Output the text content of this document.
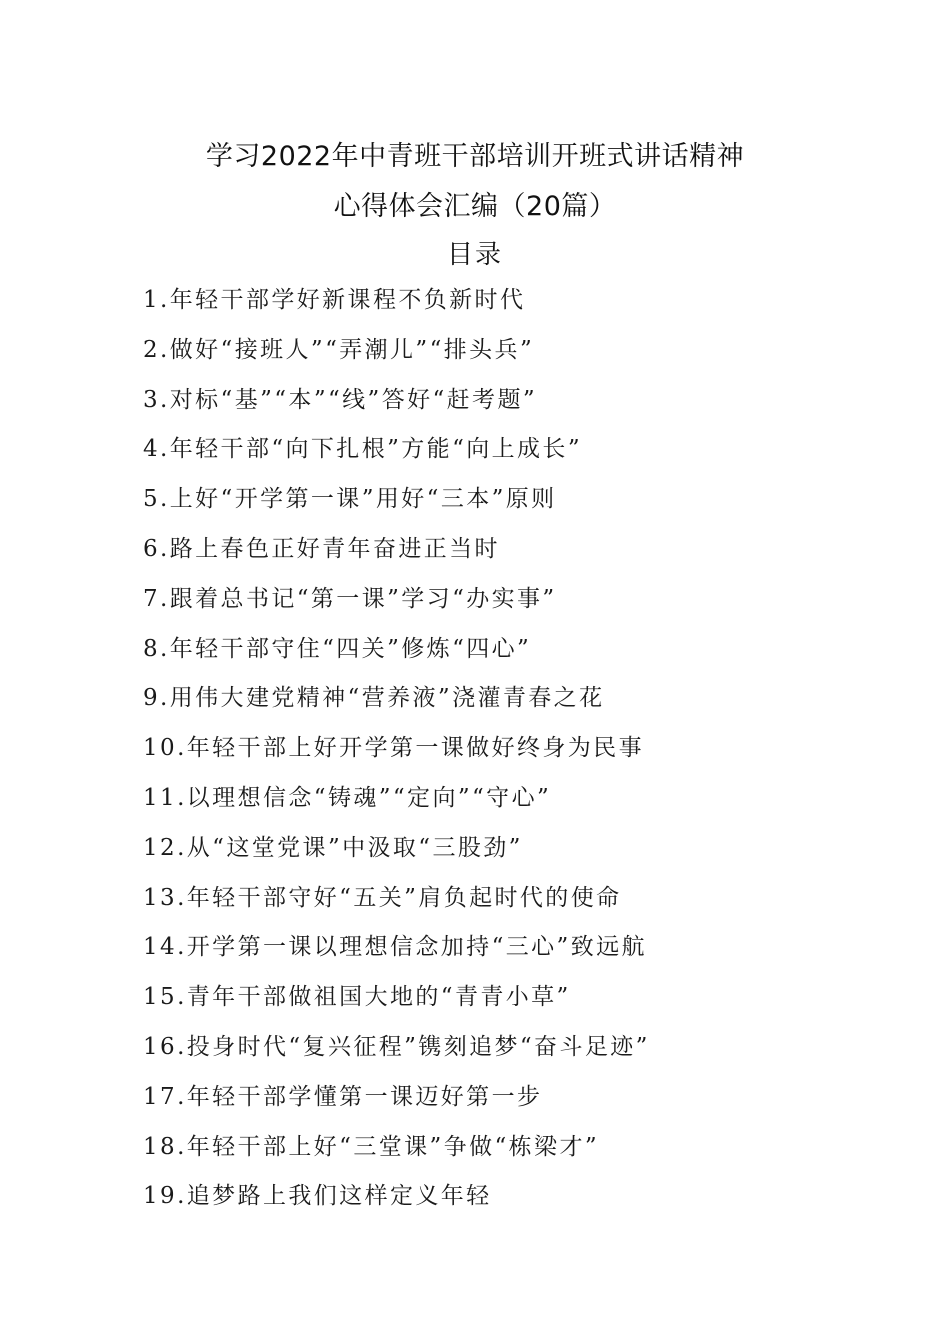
学习2022年中青班干部培训开班式讲话精神
心得体会汇编（20篇）
目录
1.年轻干部学好新课程不负新时代
2.做好“接班人”“弄潮儿”“排头兵”
3.对标“基”“本”“线”答好“赶考题”
4.年轻干部“向下扎根”方能“向上成长”
5.上好“开学第一课”用好“三本”原则
6.路上春色正好青年奋进正当时
7.跟着总书记“第一课”学习“办实事”
8.年轻干部守住“四关”修炼“四心”
9.用伟大建党精神“营养液”浇灌青春之花
10.年轻干部上好开学第一课做好终身为民事
11.以理想信念“铸魂”“定向”“守心”
12.从“这堂党课”中汲取“三股劲”
13.年轻干部守好“五关”肩负起时代的使命
14.开学第一课以理想信念加持“三心”致远航
15.青年干部做祖国大地的“青青小草”
16.投身时代“复兴征程”镌刻追梦“奋斗足迹”
17.年轻干部学懂第一课迈好第一步
18.年轻干部上好“三堂课”争做“栋梁才”
19.追梦路上我们这样定义年轻
